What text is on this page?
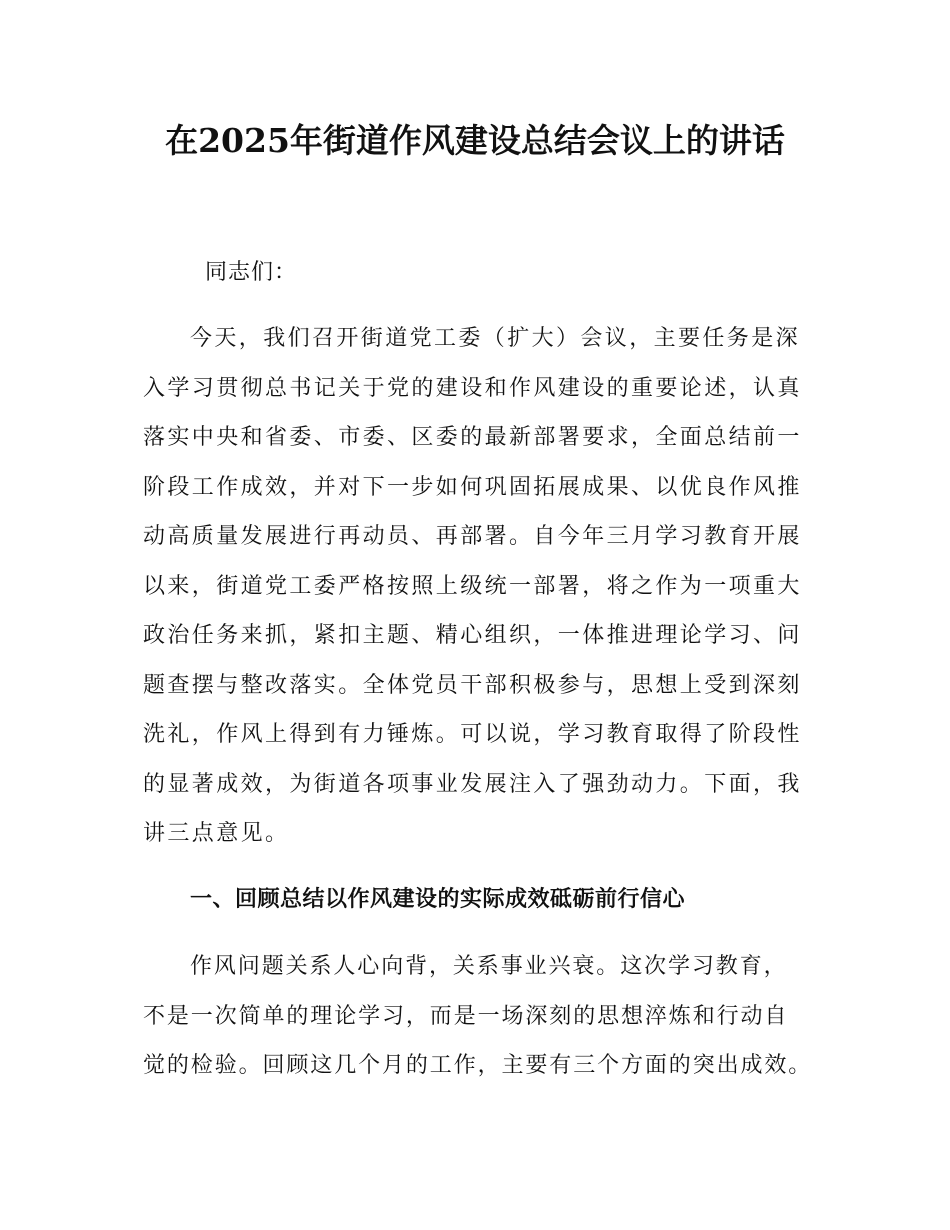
在2025年街道作风建设总结会议上的讲话
同志们：
今天，我们召开街道党工委（扩大）会议，主要任务是深
入学习贯彻总书记关于党的建设和作风建设的重要论述，认真
落实中央和省委、市委、区委的最新部署要求，全面总结前一
阶段工作成效，并对下一步如何巩固拓展成果、以优良作风推
动高质量发展进行再动员、再部署。自今年三月学习教育开展
以来，街道党工委严格按照上级统一部署，将之作为一项重大
政治任务来抓，紧扣主题、精心组织，一体推进理论学习、问
题查摆与整改落实。全体党员干部积极参与，思想上受到深刻
洗礼，作风上得到有力锤炼。可以说，学习教育取得了阶段性
的显著成效，为街道各项事业发展注入了强劲动力。下面，我
讲三点意见。
一、回顾总结以作风建设的实际成效砥砺前行信心
作风问题关系人心向背，关系事业兴衰。这次学习教育，
不是一次简单的理论学习，而是一场深刻的思想淬炼和行动自
觉的检验。回顾这几个月的工作，主要有三个方面的突出成效。
